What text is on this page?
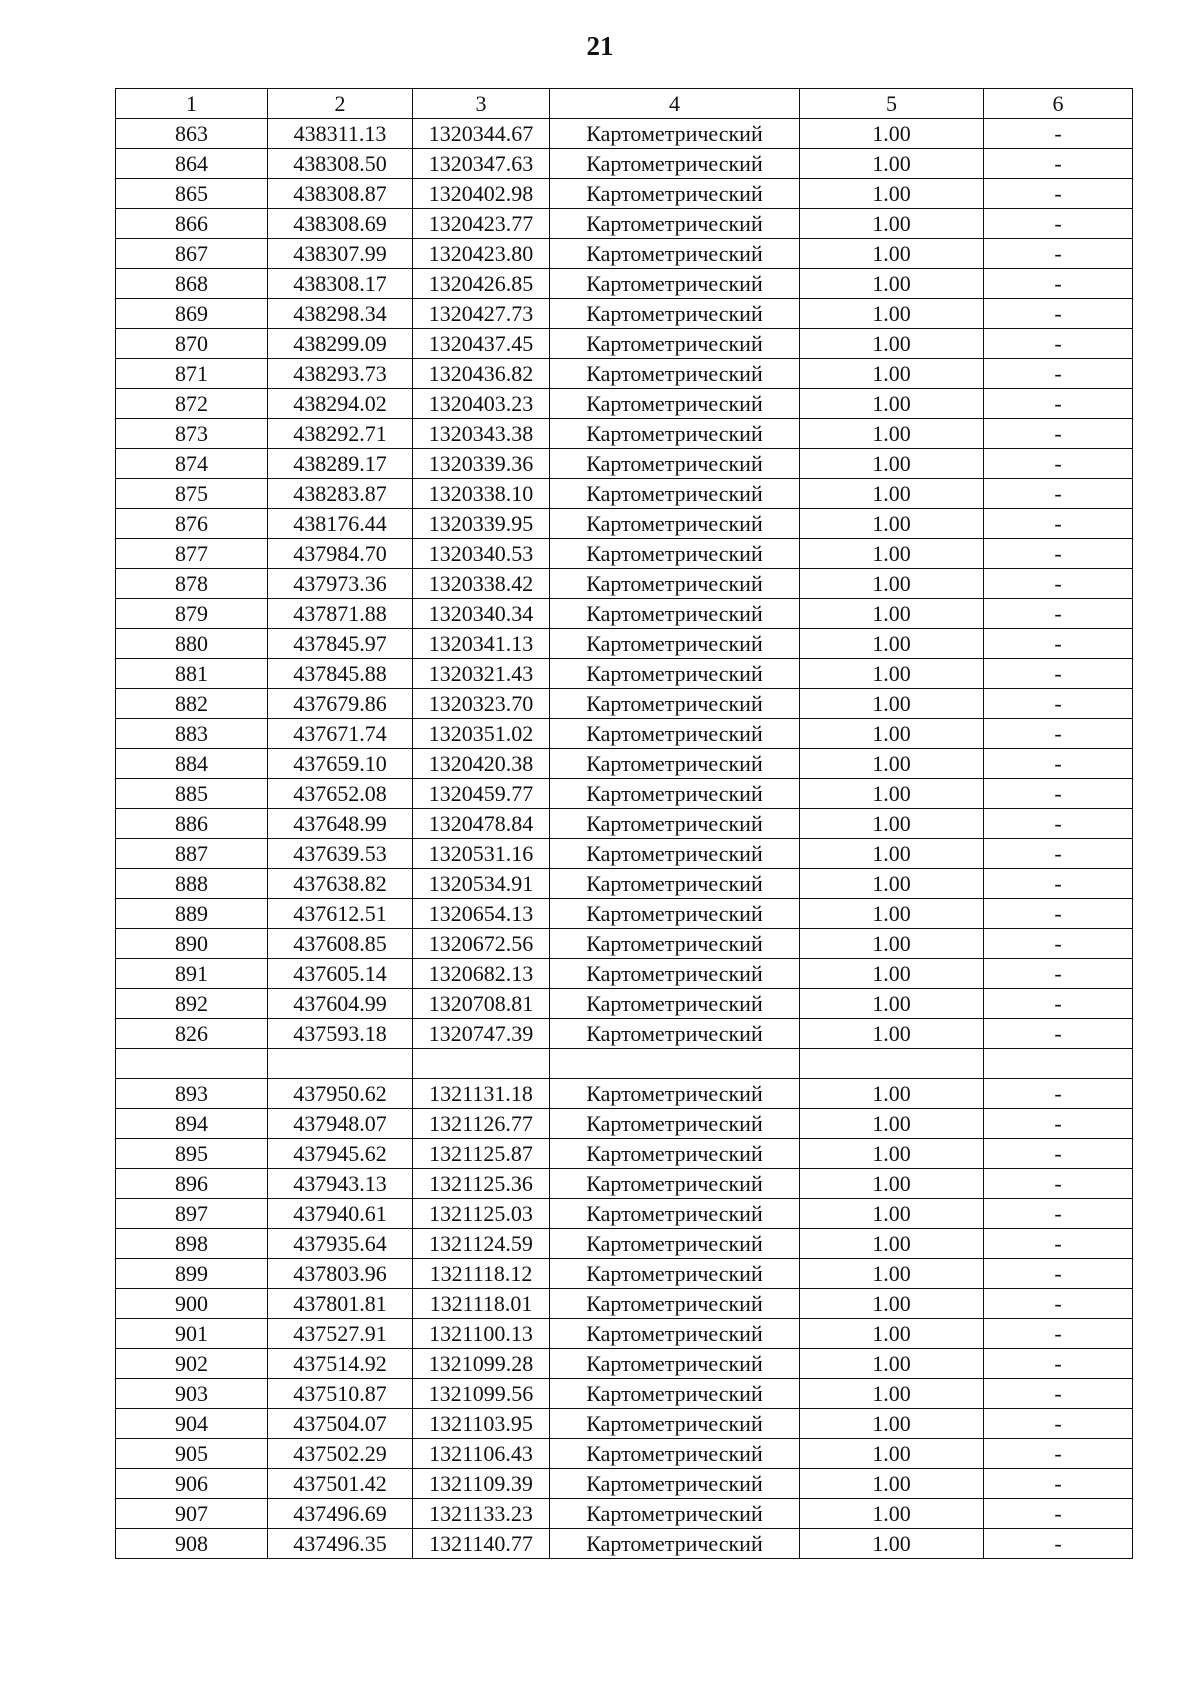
21
1	2	3	4	5	6
863	438311.13	1320344.67	Картометрический	1.00	-
864	438308.50	1320347.63	Картометрический	1.00	-
865	438308.87	1320402.98	Картометрический	1.00	-
866	438308.69	1320423.77	Картометрический	1.00	-
867	438307.99	1320423.80	Картометрический	1.00	-
868	438308.17	1320426.85	Картометрический	1.00	-
869	438298.34	1320427.73	Картометрический	1.00	-
870	438299.09	1320437.45	Картометрический	1.00	-
871	438293.73	1320436.82	Картометрический	1.00	-
872	438294.02	1320403.23	Картометрический	1.00	-
873	438292.71	1320343.38	Картометрический	1.00	-
874	438289.17	1320339.36	Картометрический	1.00	-
875	438283.87	1320338.10	Картометрический	1.00	-
876	438176.44	1320339.95	Картометрический	1.00	-
877	437984.70	1320340.53	Картометрический	1.00	-
878	437973.36	1320338.42	Картометрический	1.00	-
879	437871.88	1320340.34	Картометрический	1.00	-
880	437845.97	1320341.13	Картометрический	1.00	-
881	437845.88	1320321.43	Картометрический	1.00	-
882	437679.86	1320323.70	Картометрический	1.00	-
883	437671.74	1320351.02	Картометрический	1.00	-
884	437659.10	1320420.38	Картометрический	1.00	-
885	437652.08	1320459.77	Картометрический	1.00	-
886	437648.99	1320478.84	Картометрический	1.00	-
887	437639.53	1320531.16	Картометрический	1.00	-
888	437638.82	1320534.91	Картометрический	1.00	-
889	437612.51	1320654.13	Картометрический	1.00	-
890	437608.85	1320672.56	Картометрический	1.00	-
891	437605.14	1320682.13	Картометрический	1.00	-
892	437604.99	1320708.81	Картометрический	1.00	-
826	437593.18	1320747.39	Картометрический	1.00	-

893	437950.62	1321131.18	Картометрический	1.00	-
894	437948.07	1321126.77	Картометрический	1.00	-
895	437945.62	1321125.87	Картометрический	1.00	-
896	437943.13	1321125.36	Картометрический	1.00	-
897	437940.61	1321125.03	Картометрический	1.00	-
898	437935.64	1321124.59	Картометрический	1.00	-
899	437803.96	1321118.12	Картометрический	1.00	-
900	437801.81	1321118.01	Картометрический	1.00	-
901	437527.91	1321100.13	Картометрический	1.00	-
902	437514.92	1321099.28	Картометрический	1.00	-
903	437510.87	1321099.56	Картометрический	1.00	-
904	437504.07	1321103.95	Картометрический	1.00	-
905	437502.29	1321106.43	Картометрический	1.00	-
906	437501.42	1321109.39	Картометрический	1.00	-
907	437496.69	1321133.23	Картометрический	1.00	-
908	437496.35	1321140.77	Картометрический	1.00	-
